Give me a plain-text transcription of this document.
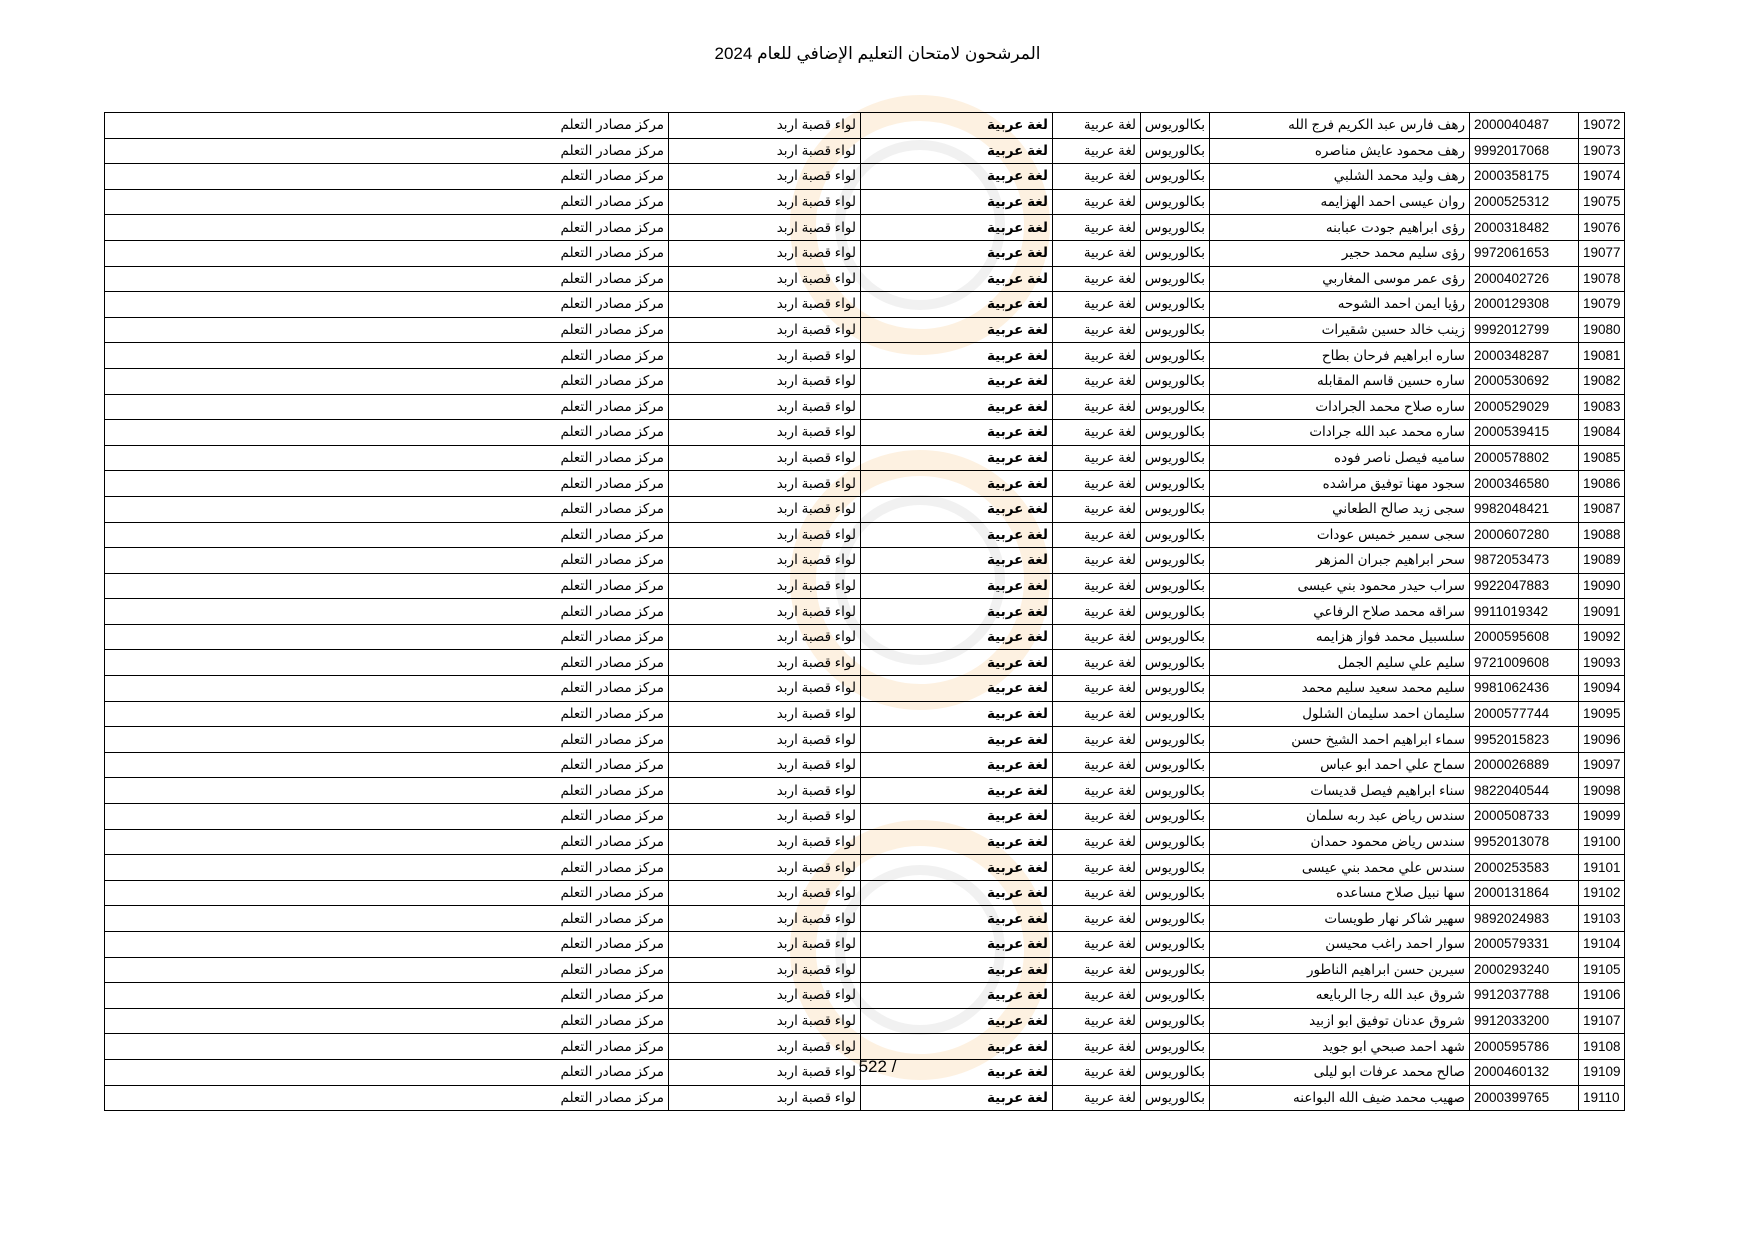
المرشحون لامتحان التعليم الإضافي للعام 2024
19072	2000040487	رهف فارس عبد الكريم فرج الله	بكالوريوس	لغة عربية	لغة عربية	لواء قصبة اربد	مركز مصادر التعلم
19073	9992017068	رهف محمود عايش مناصره	بكالوريوس	لغة عربية	لغة عربية	لواء قصبة اربد	مركز مصادر التعلم
19074	2000358175	رهف وليد محمد الشلبي	بكالوريوس	لغة عربية	لغة عربية	لواء قصبة اربد	مركز مصادر التعلم
19075	2000525312	روان عيسى احمد الهزايمه	بكالوريوس	لغة عربية	لغة عربية	لواء قصبة اربد	مركز مصادر التعلم
19076	2000318482	رؤى ابراهيم جودت عبابنه	بكالوريوس	لغة عربية	لغة عربية	لواء قصبة اربد	مركز مصادر التعلم
19077	9972061653	رؤى سليم محمد حجير	بكالوريوس	لغة عربية	لغة عربية	لواء قصبة اربد	مركز مصادر التعلم
19078	2000402726	رؤى عمر موسى المغاربي	بكالوريوس	لغة عربية	لغة عربية	لواء قصبة اربد	مركز مصادر التعلم
19079	2000129308	رؤيا ايمن احمد الشوحه	بكالوريوس	لغة عربية	لغة عربية	لواء قصبة اربد	مركز مصادر التعلم
19080	9992012799	زينب خالد حسين شقيرات	بكالوريوس	لغة عربية	لغة عربية	لواء قصبة اربد	مركز مصادر التعلم
19081	2000348287	ساره ابراهيم فرحان بطاح	بكالوريوس	لغة عربية	لغة عربية	لواء قصبة اربد	مركز مصادر التعلم
19082	2000530692	ساره حسين قاسم المقابله	بكالوريوس	لغة عربية	لغة عربية	لواء قصبة اربد	مركز مصادر التعلم
19083	2000529029	ساره صلاح محمد الجرادات	بكالوريوس	لغة عربية	لغة عربية	لواء قصبة اربد	مركز مصادر التعلم
19084	2000539415	ساره محمد عبد الله جرادات	بكالوريوس	لغة عربية	لغة عربية	لواء قصبة اربد	مركز مصادر التعلم
19085	2000578802	ساميه فيصل ناصر فوده	بكالوريوس	لغة عربية	لغة عربية	لواء قصبة اربد	مركز مصادر التعلم
19086	2000346580	سجود مهنا توفيق مراشده	بكالوريوس	لغة عربية	لغة عربية	لواء قصبة اربد	مركز مصادر التعلم
19087	9982048421	سجى زيد صالح الطعاني	بكالوريوس	لغة عربية	لغة عربية	لواء قصبة اربد	مركز مصادر التعلم
19088	2000607280	سجى سمير خميس عودات	بكالوريوس	لغة عربية	لغة عربية	لواء قصبة اربد	مركز مصادر التعلم
19089	9872053473	سحر ابراهيم جبران المزهر	بكالوريوس	لغة عربية	لغة عربية	لواء قصبة اربد	مركز مصادر التعلم
19090	9922047883	سراب حيدر محمود بني عيسى	بكالوريوس	لغة عربية	لغة عربية	لواء قصبة اربد	مركز مصادر التعلم
19091	9911019342	سراقه محمد صلاح الرفاعي	بكالوريوس	لغة عربية	لغة عربية	لواء قصبة اربد	مركز مصادر التعلم
19092	2000595608	سلسبيل محمد فواز هزايمه	بكالوريوس	لغة عربية	لغة عربية	لواء قصبة اربد	مركز مصادر التعلم
19093	9721009608	سليم علي سليم الجمل	بكالوريوس	لغة عربية	لغة عربية	لواء قصبة اربد	مركز مصادر التعلم
19094	9981062436	سليم محمد سعيد سليم محمد	بكالوريوس	لغة عربية	لغة عربية	لواء قصبة اربد	مركز مصادر التعلم
19095	2000577744	سليمان احمد سليمان الشلول	بكالوريوس	لغة عربية	لغة عربية	لواء قصبة اربد	مركز مصادر التعلم
19096	9952015823	سماء ابراهيم احمد الشيخ حسن	بكالوريوس	لغة عربية	لغة عربية	لواء قصبة اربد	مركز مصادر التعلم
19097	2000026889	سماح علي احمد ابو عباس	بكالوريوس	لغة عربية	لغة عربية	لواء قصبة اربد	مركز مصادر التعلم
19098	9822040544	سناء ابراهيم فيصل قديسات	بكالوريوس	لغة عربية	لغة عربية	لواء قصبة اربد	مركز مصادر التعلم
19099	2000508733	سندس رياض عبد ربه سلمان	بكالوريوس	لغة عربية	لغة عربية	لواء قصبة اربد	مركز مصادر التعلم
19100	9952013078	سندس رياض محمود حمدان	بكالوريوس	لغة عربية	لغة عربية	لواء قصبة اربد	مركز مصادر التعلم
19101	2000253583	سندس علي محمد بني عيسى	بكالوريوس	لغة عربية	لغة عربية	لواء قصبة اربد	مركز مصادر التعلم
19102	2000131864	سها نبيل صلاح مساعده	بكالوريوس	لغة عربية	لغة عربية	لواء قصبة اربد	مركز مصادر التعلم
19103	9892024983	سهير شاكر نهار طويسات	بكالوريوس	لغة عربية	لغة عربية	لواء قصبة اربد	مركز مصادر التعلم
19104	2000579331	سوار احمد راغب محيسن	بكالوريوس	لغة عربية	لغة عربية	لواء قصبة اربد	مركز مصادر التعلم
19105	2000293240	سيرين حسن ابراهيم الناطور	بكالوريوس	لغة عربية	لغة عربية	لواء قصبة اربد	مركز مصادر التعلم
19106	9912037788	شروق عبد الله رجا الربايعه	بكالوريوس	لغة عربية	لغة عربية	لواء قصبة اربد	مركز مصادر التعلم
19107	9912033200	شروق عدنان توفيق ابو ازبيد	بكالوريوس	لغة عربية	لغة عربية	لواء قصبة اربد	مركز مصادر التعلم
19108	2000595786	شهد احمد صبحي ابو جويد	بكالوريوس	لغة عربية	لغة عربية	لواء قصبة اربد	مركز مصادر التعلم
19109	2000460132	صالح محمد عرفات ابو ليلى	بكالوريوس	لغة عربية	لغة عربية	لواء قصبة اربد	مركز مصادر التعلم
19110	2000399765	صهيب محمد ضيف الله البواعنه	بكالوريوس	لغة عربية	لغة عربية	لواء قصبة اربد	مركز مصادر التعلم
522 /
